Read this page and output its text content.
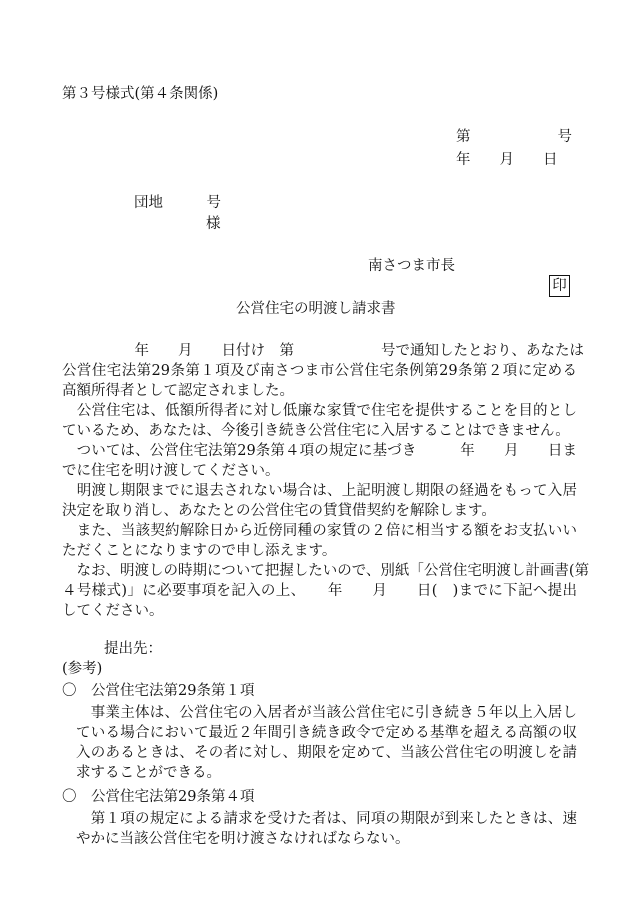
第３号様式(第４条関係)
第　　　　　　号
年　　月　　日
団地　　　号
様
南さつま市長

印

公営住宅の明渡し請求書
　　　　　年　　月　　日付け　第　　　　　　号で通知したとおり、あなたは
公営住宅法第29条第１項及び南さつま市公営住宅条例第29条第２項に定める
高額所得者として認定されました。
　公営住宅は、低額所得者に対し低廉な家賃で住宅を提供することを目的とし
ているため、あなたは、今後引き続き公営住宅に入居することはできません。
　ついては、公営住宅法第29条第４項の規定に基づき　　　年　　月　　日ま
でに住宅を明け渡してください。
　明渡し期限までに退去されない場合は、上記明渡し期限の経過をもって入居
決定を取り消し、あなたとの公営住宅の賃貸借契約を解除します。
　また、当該契約解除日から近傍同種の家賃の２倍に相当する額をお支払いい
ただくことになりますので申し添えます。
　なお、明渡しの時期について把握したいので、別紙「公営住宅明渡し計画書(第
４号様式)」に必要事項を記入の上、　　年　　月　　日(　)までに下記へ提出
してください。
提出先：
(参考)
〇　公営住宅法第29条第１項
　事業主体は、公営住宅の入居者が当該公営住宅に引き続き５年以上入居し
ている場合において最近２年間引き続き政令で定める基準を超える高額の収
入のあるときは、その者に対し、期限を定めて、当該公営住宅の明渡しを請
求することができる。
〇　公営住宅法第29条第４項
　第１項の規定による請求を受けた者は、同項の期限が到来したときは、速
やかに当該公営住宅を明け渡さなければならない。
